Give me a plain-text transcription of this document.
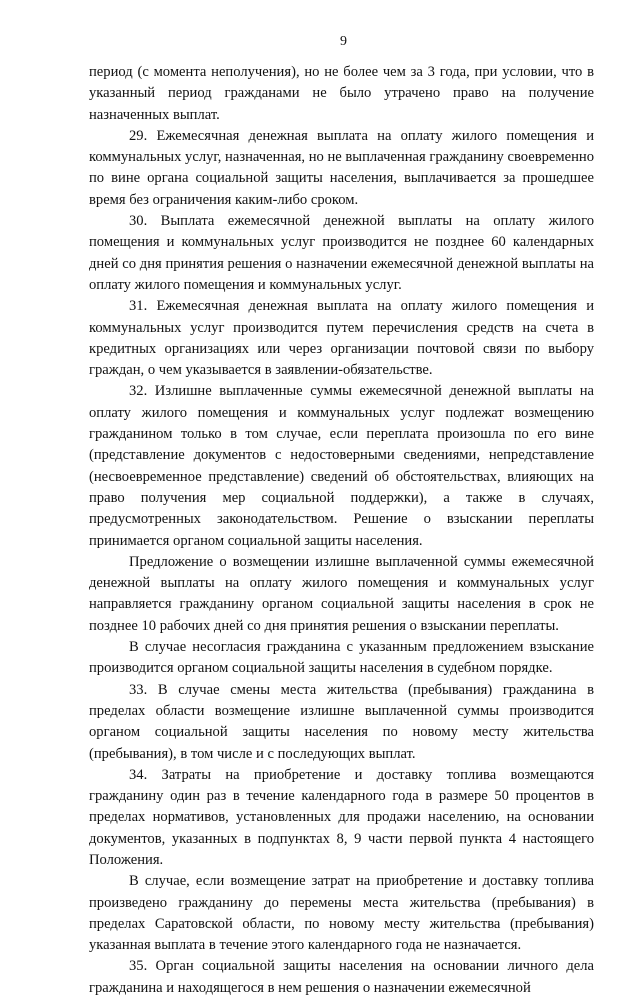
9

период (с момента неполучения), но не более чем за 3 года, при условии, что в указанный период гражданами не было утрачено право на получение назначенных выплат.

29. Ежемесячная денежная выплата на оплату жилого помещения и коммунальных услуг, назначенная, но не выплаченная гражданину своевременно по вине органа социальной защиты населения, выплачивается за прошедшее время без ограничения каким-либо сроком.

30. Выплата ежемесячной денежной выплаты на оплату жилого помещения и коммунальных услуг производится не позднее 60 календарных дней со дня принятия решения о назначении ежемесячной денежной выплаты на оплату жилого помещения и коммунальных услуг.

31. Ежемесячная денежная выплата на оплату жилого помещения и коммунальных услуг производится путем перечисления средств на счета в кредитных организациях или через организации почтовой связи по выбору граждан, о чем указывается в заявлении-обязательстве.

32. Излишне выплаченные суммы ежемесячной денежной выплаты на оплату жилого помещения и коммунальных услуг подлежат возмещению гражданином только в том случае, если переплата произошла по его вине (представление документов с недостоверными сведениями, непредставление (несвоевременное представление) сведений об обстоятельствах, влияющих на право получения мер социальной поддержки), а также в случаях, предусмотренных законодательством. Решение о взыскании переплаты принимается органом социальной защиты населения.

Предложение о возмещении излишне выплаченной суммы ежемесячной денежной выплаты на оплату жилого помещения и коммунальных услуг направляется гражданину органом социальной защиты населения в срок не позднее 10 рабочих дней со дня принятия решения о взыскании переплаты.

В случае несогласия гражданина с указанным предложением взыскание производится органом социальной защиты населения в судебном порядке.

33. В случае смены места жительства (пребывания) гражданина в пределах области возмещение излишне выплаченной суммы производится органом социальной защиты населения по новому месту жительства (пребывания), в том числе и с последующих выплат.

34. Затраты на приобретение и доставку топлива возмещаются гражданину один раз в течение календарного года в размере 50 процентов в пределах нормативов, установленных для продажи населению, на основании документов, указанных в подпунктах 8, 9 части первой пункта 4 настоящего Положения.

В случае, если возмещение затрат на приобретение и доставку топлива произведено гражданину до перемены места жительства (пребывания) в пределах Саратовской области, по новому месту жительства (пребывания) указанная выплата в течение этого календарного года не назначается.

35. Орган социальной защиты населения на основании личного дела гражданина и находящегося в нем решения о назначении ежемесячной
